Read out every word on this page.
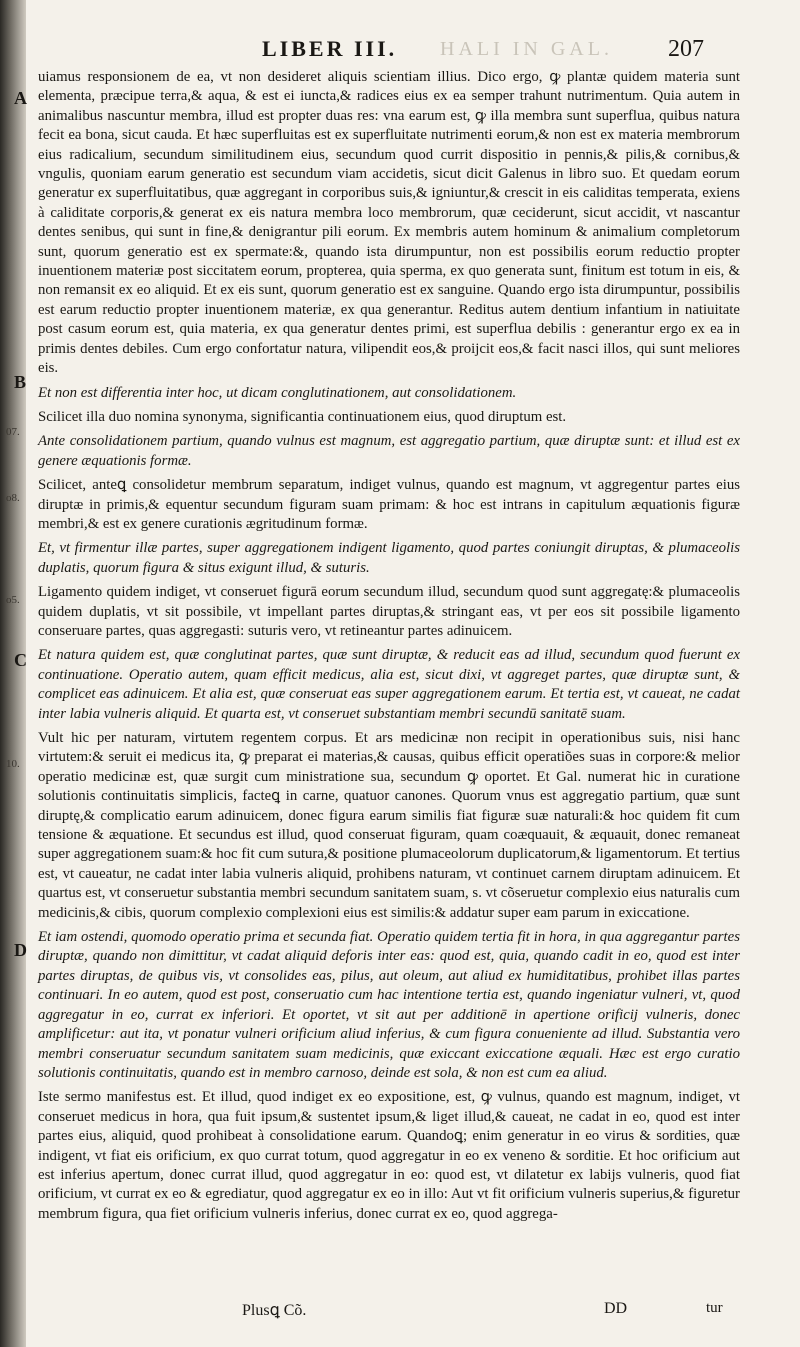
LIBER III. HALI IN GAL. 207
A
B
07.
o8.
o5.
C
10.
D

uiamus responsionem de ea, vt non desideret aliquis scientiam illius. Dico ergo, ꝙ plantæ quidem materia sunt elementa, præcipue terra,& aqua, & est ei iuncta,& radices eius ex ea semper trahunt nutrimentum. Quia autem in animalibus nascuntur membra, illud est propter duas res: vna earum est, ꝙ illa membra sunt superflua, quibus natura fecit ea bona, sicut cauda. Et hæc superfluitas est ex superfluitate nutrimenti eorum,& non est ex materia membrorum eius radicalium, secundum similitudinem eius, secundum quod currit dispositio in pennis,& pilis,& cornibus,& vngulis, quoniam earum generatio est secundum viam accidetis, sicut dicit Galenus in libro suo. Et quedam eorum generatur ex superfluitatibus, quæ aggregant in corporibus suis,& igniuntur,& crescit in eis caliditas temperata, exiens à caliditate corporis,& generat ex eis natura membra loco membrorum, quæ ceciderunt, sicut accidit, vt nascantur dentes senibus, qui sunt in fine,& denigrantur pili eorum. Ex membris autem hominum & animalium completorum sunt, quorum generatio est ex spermate:&, quando ista dirumpuntur, non est possibilis eorum reductio propter inuentionem materiæ post siccitatem eorum, propterea, quia sperma, ex quo generata sunt, finitum est totum in eis, & non remansit ex eo aliquid. Et ex eis sunt, quorum generatio est ex sanguine. Quando ergo ista dirumpuntur, possibilis est earum reductio propter inuentionem materiæ, ex qua generantur. Reditus autem dentium infantium in natiuitate post casum eorum est, quia materia, ex qua generatur dentes primi, est superflua debilis : generantur ergo ex ea in primis dentes debiles. Cum ergo confortatur natura, vilipendit eos,& proijcit eos,& facit nasci illos, qui sunt meliores eis.

Et non est differentia inter hoc, ut dicam conglutinationem, aut consolidationem.

Scilicet illa duo nomina synonyma, significantia continuationem eius, quod diruptum est.

Ante consolidationem partium, quando vulnus est magnum, est aggregatio partium, quæ diruptæ sunt: et illud est ex genere æquationis formæ.

Scilicet, anteꝗ consolidetur membrum separatum, indiget vulnus, quando est magnum, vt aggregentur partes eius diruptæ in primis,& equentur secundum figuram suam primam: & hoc est intrans in capitulum æquationis figuræ membri,& est ex genere curationis ægritudinum formæ.

Et, vt firmentur illæ partes, super aggregationem indigent ligamento, quod partes coniungit diruptas, & plumaceolis duplatis, quorum figura & situs exigunt illud, & suturis.

Ligamento quidem indiget, vt conseruet figurā eorum secundum illud, secundum quod sunt aggregatę:& plumaceolis quidem duplatis, vt sit possibile, vt impellant partes diruptas,& stringant eas, vt per eos sit possibile ligamento conseruare partes, quas aggregasti: suturis vero, vt retineantur partes adinuicem.

Et natura quidem est, quæ conglutinat partes, quæ sunt diruptæ, & reducit eas ad illud, secundum quod fuerunt ex continuatione. Operatio autem, quam efficit medicus, alia est, sicut dixi, vt aggreget partes, quæ diruptæ sunt, & complicet eas adinuicem. Et alia est, quæ conseruat eas super aggregationem earum. Et tertia est, vt caueat, ne cadat inter labia vulneris aliquid. Et quarta est, vt conseruet substantiam membri secundū sanitatē suam.

Vult hic per naturam, virtutem regentem corpus. Et ars medicinæ non recipit in operationibus suis, nisi hanc virtutem:& seruit ei medicus ita, ꝙ preparat ei materias,& causas, quibus efficit operatiões suas in corpore:& melior operatio medicinæ est, quæ surgit cum ministratione sua, secundum ꝙ oportet. Et Gal. numerat hic in curatione solutionis continuitatis simplicis, facteꝗ in carne, quatuor canones. Quorum vnus est aggregatio partium, quæ sunt diruptę,& complicatio earum adinuicem, donec figura earum similis fiat figuræ suæ naturali:& hoc quidem fit cum tensione & æquatione. Et secundus est illud, quod conseruat figuram, quam coæquauit, & æquauit, donec remaneat super aggregationem suam:& hoc fit cum sutura,& positione plumaceolorum duplicatorum,& ligamentorum. Et tertius est, vt caueatur, ne cadat inter labia vulneris aliquid, prohibens naturam, vt continuet carnem diruptam adinuicem. Et quartus est, vt conseruetur substantia membri secundum sanitatem suam, s. vt cõseruetur complexio eius naturalis cum medicinis,& cibis, quorum complexio complexioni eius est similis:& addatur super eam parum in exiccatione.

Et iam ostendi, quomodo operatio prima et secunda fiat. Operatio quidem tertia fit in hora, in qua aggregantur partes diruptæ, quando non dimittitur, vt cadat aliquid deforis inter eas: quod est, quia, quando cadit in eo, quod est inter partes diruptas, de quibus vis, vt consolides eas, pilus, aut oleum, aut aliud ex humiditatibus, prohibet illas partes continuari. In eo autem, quod est post, conseruatio cum hac intentione tertia est, quando ingeniatur vulneri, vt, quod aggregatur in eo, currat ex inferiori. Et oportet, vt sit aut per additionē in apertione orificij vulneris, donec amplificetur: aut ita, vt ponatur vulneri orificium aliud inferius, & cum figura conueniente ad illud. Substantia vero membri conseruatur secundum sanitatem suam medicinis, quæ exiccant exiccatione æquali. Hæc est ergo curatio solutionis continuitatis, quando est in membro carnoso, deinde est sola, & non est cum ea aliud.

Iste sermo manifestus est. Et illud, quod indiget ex eo expositione, est, ꝙ vulnus, quando est magnum, indiget, vt conseruet medicus in hora, qua fuit ipsum,& sustentet ipsum,& liget illud,& caueat, ne cadat in eo, quod est inter partes eius, aliquid, quod prohibeat à consolidatione earum. Quandoꝗ; enim generatur in eo virus & sordities, quæ indigent, vt fiat eis orificium, ex quo currat totum, quod aggregatur in eo ex veneno & sorditie. Et hoc orificium aut est inferius apertum, donec currat illud, quod aggregatur in eo: quod est, vt dilatetur ex labijs vulneris, quod fiat orificium, vt currat ex eo & egrediatur, quod aggregatur ex eo in illo: Aut vt fit orificium vulneris superius,& figuretur membrum figura, qua fiet orificium vulneris inferius, donec currat ex eo, quod aggrega-

Plusꝗ Cõ.	DD	tur
